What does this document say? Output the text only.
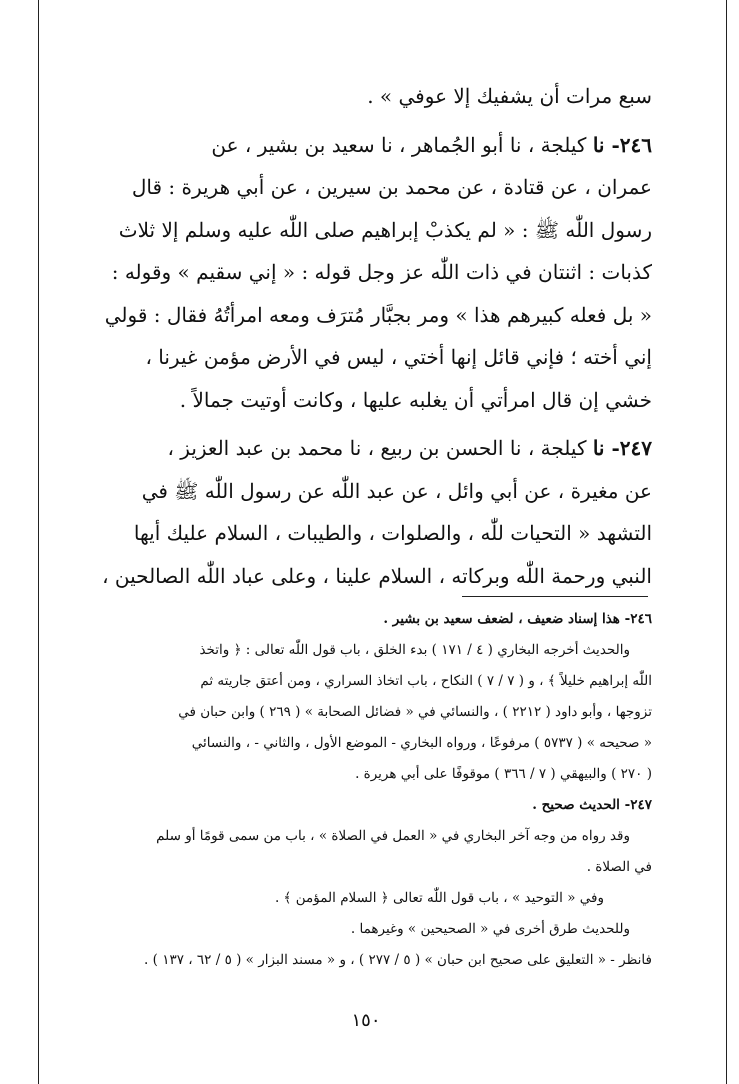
سبع مرات أن يشفيك إلا عوفي » .

٢٤٦- نا كيلجة ، نا أبو الجُماهر ، نا سعيد بن بشير ، عن
عمران ، عن قتادة ، عن محمد بن سيرين ، عن أبي هريرة : قال
رسول اللّٰه ﷺ : « لم يكذبْ إبراهيم صلى اللّٰه عليه وسلم إلا ثلاث
كذبات : اثنتان في ذات اللّٰه عز وجل قوله : « إني سقيم » وقوله :
« بل فعله كبيرهم هذا » ومر بجبَّار مُترَف ومعه امرأتُهُ فقال : قولي
إني أخته ؛ فإني قائل إنها أختي ، ليس في الأرض مؤمن غيرنا ،
خشي إن قال امرأتي أن يغلبه عليها ، وكانت أوتيت جمالاً .

٢٤٧- نا كيلجة ، نا الحسن بن ربيع ، نا محمد بن عبد العزيز ،
عن مغيرة ، عن أبي وائل ، عن عبد اللّٰه عن رسول اللّٰه ﷺ في
التشهد « التحيات للّٰه ، والصلوات ، والطيبات ، السلام عليك أيها
النبي ورحمة اللّٰه وبركاته ، السلام علينا ، وعلى عباد اللّٰه الصالحين ،

٢٤٦- هذا إسناد ضعيف ، لضعف سعيد بن بشير .
والحديث أخرجه البخاري ( ٤ / ١٧١ ) بدء الخلق ، باب قول اللّٰه تعالى : ﴿ واتخذ
اللّٰه إبراهيم خليلاً ﴾ ، و ( ٧ / ٧ ) النكاح ، باب اتخاذ السراري ، ومن أعتق جاريته ثم
تزوجها ، وأبو داود ( ٢٢١٢ ) ، والنسائي في « فضائل الصحابة » ( ٢٦٩ ) وابن حبان في
« صحيحه » ( ٥٧٣٧ ) مرفوعًا ، ورواه البخاري - الموضع الأول ، والثاني - ، والنسائي
( ٢٧٠ ) والبيهقي ( ٧ / ٣٦٦ ) موقوفًا على أبي هريرة .
٢٤٧- الحديث صحيح .
وقد رواه من وجه آخر البخاري في « العمل في الصلاة » ، باب من سمى قومًا أو سلم
في الصلاة .
وفي « التوحيد » ، باب قول اللّٰه تعالى ﴿ السلام المؤمن ﴾ .
وللحديث طرق أخرى في « الصحيحين » وغيرهما .
فانظر - « التعليق على صحيح ابن حبان » ( ٥ / ٢٧٧ ) ، و « مسند البزار » ( ٥ / ٦٢ ، ١٣٧ ) .
١٥٠
